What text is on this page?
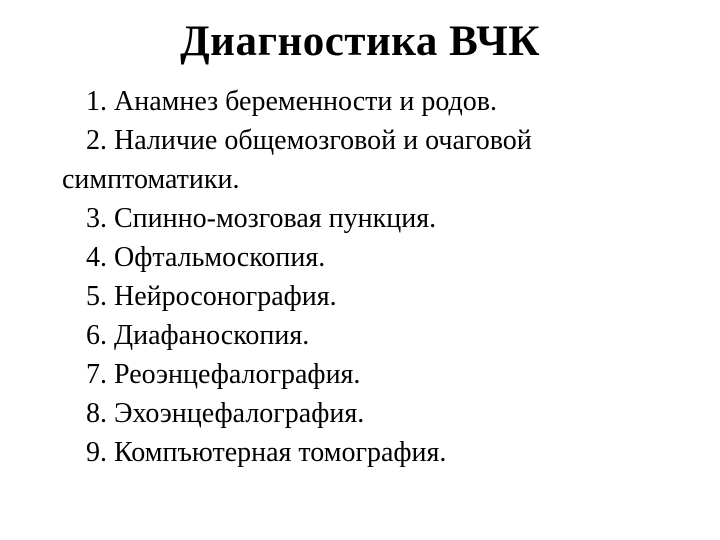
Диагностика ВЧК
1. Анамнез беременности и родов.
2. Наличие общемозговой и очаговой
симптоматики.
3. Спинно-мозговая пункция.
4. Офтальмоскопия.
5. Нейросонография.
6. Диафаноскопия.
7. Реоэнцефалография.
8. Эхоэнцефалография.
9. Компъютерная томография.
